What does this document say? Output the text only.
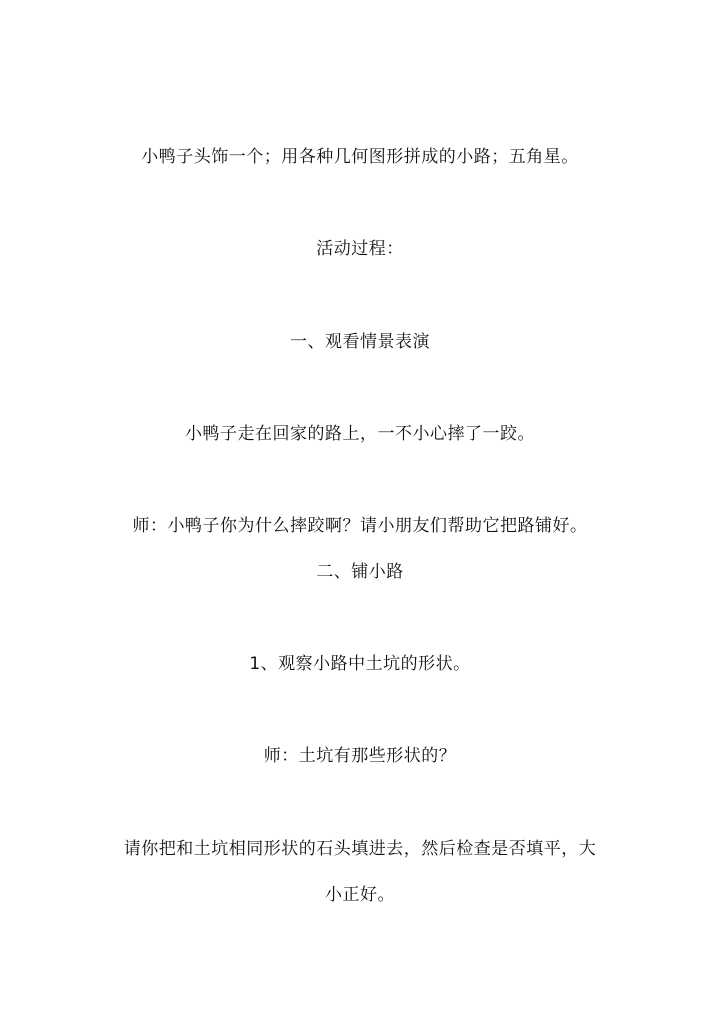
小鸭子头饰一个；用各种几何图形拼成的小路；五角星。
活动过程：
一、观看情景表演
小鸭子走在回家的路上，一不小心摔了一跤。
师：小鸭子你为什么摔跤啊？请小朋友们帮助它把路铺好。
二、铺小路
1、观察小路中土坑的形状。
师：土坑有那些形状的？
请你把和土坑相同形状的石头填进去，然后检查是否填平，大
小正好。
